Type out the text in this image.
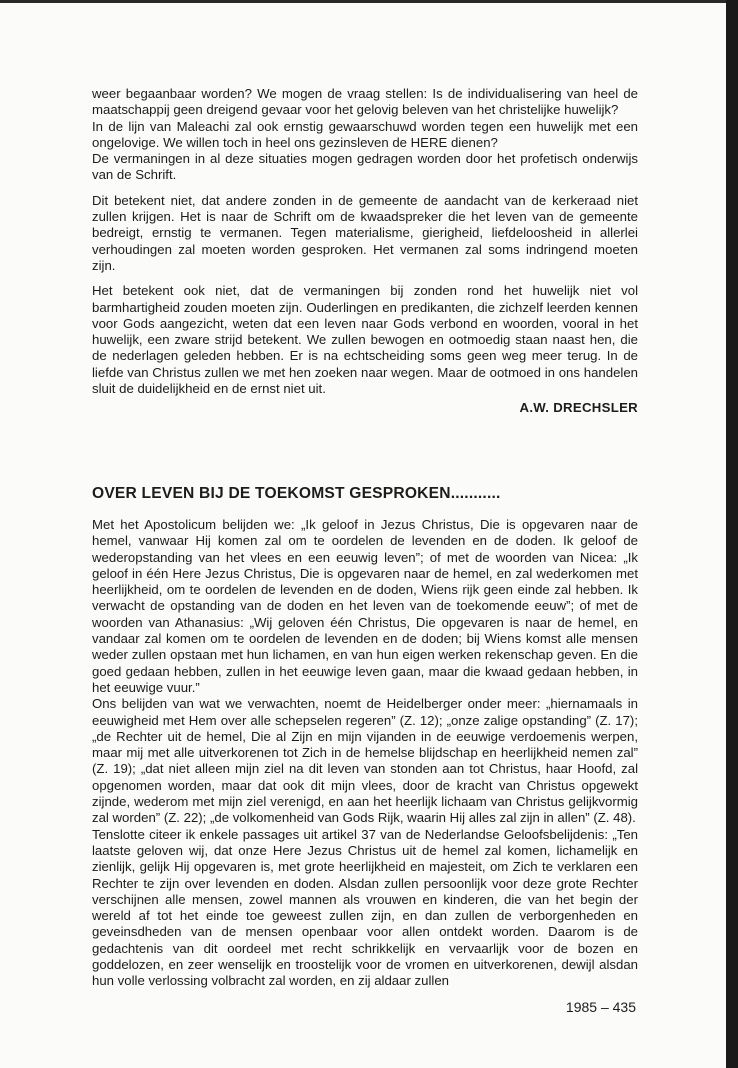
weer begaanbaar worden? We mogen de vraag stellen: Is de individualisering van heel de maatschappij geen dreigend gevaar voor het gelovig beleven van het christelijke huwelijk?

In de lijn van Maleachi zal ook ernstig gewaarschuwd worden tegen een huwelijk met een ongelovige. We willen toch in heel ons gezinsleven de HERE dienen?

De vermaningen in al deze situaties mogen gedragen worden door het profetisch onderwijs van de Schrift.

Dit betekent niet, dat andere zonden in de gemeente de aandacht van de kerkeraad niet zullen krijgen. Het is naar de Schrift om de kwaadspreker die het leven van de gemeente bedreigt, ernstig te vermanen. Tegen materialisme, gierigheid, liefdeloosheid in allerlei verhoudingen zal moeten worden gesproken. Het vermanen zal soms indringend moeten zijn.

Het betekent ook niet, dat de vermaningen bij zonden rond het huwelijk niet vol barmhartigheid zouden moeten zijn. Ouderlingen en predikanten, die zichzelf leerden kennen voor Gods aangezicht, weten dat een leven naar Gods verbond en woorden, vooral in het huwelijk, een zware strijd betekent. We zullen bewogen en ootmoedig staan naast hen, die de nederlagen geleden hebben. Er is na echtscheiding soms geen weg meer terug. In de liefde van Christus zullen we met hen zoeken naar wegen. Maar de ootmoed in ons handelen sluit de duidelijkheid en de ernst niet uit.

A.W. DRECHSLER

OVER LEVEN BIJ DE TOEKOMST GESPROKEN...........

Met het Apostolicum belijden we: „Ik geloof in Jezus Christus, Die is opgevaren naar de hemel, vanwaar Hij komen zal om te oordelen de levenden en de doden. Ik geloof de wederopstanding van het vlees en een eeuwig leven”; of met de woorden van Nicea: „Ik geloof in één Here Jezus Christus, Die is opgevaren naar de hemel, en zal wederkomen met heerlijkheid, om te oordelen de levenden en de doden, Wiens rijk geen einde zal hebben. Ik verwacht de opstanding van de doden en het leven van de toekomende eeuw”; of met de woorden van Athanasius: „Wij geloven één Christus, Die opgevaren is naar de hemel, en vandaar zal komen om te oordelen de levenden en de doden; bij Wiens komst alle mensen weder zullen opstaan met hun lichamen, en van hun eigen werken rekenschap geven. En die goed gedaan hebben, zullen in het eeuwige leven gaan, maar die kwaad gedaan hebben, in het eeuwige vuur.”

Ons belijden van wat we verwachten, noemt de Heidelberger onder meer: „hiernamaals in eeuwigheid met Hem over alle schepselen regeren” (Z. 12); „onze zalige opstanding” (Z. 17); „de Rechter uit de hemel, Die al Zijn en mijn vijanden in de eeuwige verdoemenis werpen, maar mij met alle uitverkorenen tot Zich in de hemelse blijdschap en heerlijkheid nemen zal” (Z. 19); „dat niet alleen mijn ziel na dit leven van stonden aan tot Christus, haar Hoofd, zal opgenomen worden, maar dat ook dit mijn vlees, door de kracht van Christus opgewekt zijnde, wederom met mijn ziel verenigd, en aan het heerlijk lichaam van Christus gelijkvormig zal worden” (Z. 22); „de volkomenheid van Gods Rijk, waarin Hij alles zal zijn in allen” (Z. 48).

Tenslotte citeer ik enkele passages uit artikel 37 van de Nederlandse Geloofsbelijdenis: „Ten laatste geloven wij, dat onze Here Jezus Christus uit de hemel zal komen, lichamelijk en zienlijk, gelijk Hij opgevaren is, met grote heerlijkheid en majesteit, om Zich te verklaren een Rechter te zijn over levenden en doden. Alsdan zullen persoonlijk voor deze grote Rechter verschijnen alle mensen, zowel mannen als vrouwen en kinderen, die van het begin der wereld af tot het einde toe geweest zullen zijn, en dan zullen de verborgenheden en geveinsdheden van de mensen openbaar voor allen ontdekt worden. Daarom is de gedachtenis van dit oordeel met recht schrikkelijk en vervaarlijk voor de bozen en goddelozen, en zeer wenselijk en troostelijk voor de vromen en uitverkorenen, dewijl alsdan hun volle verlossing volbracht zal worden, en zij aldaar zullen

1985 – 435
